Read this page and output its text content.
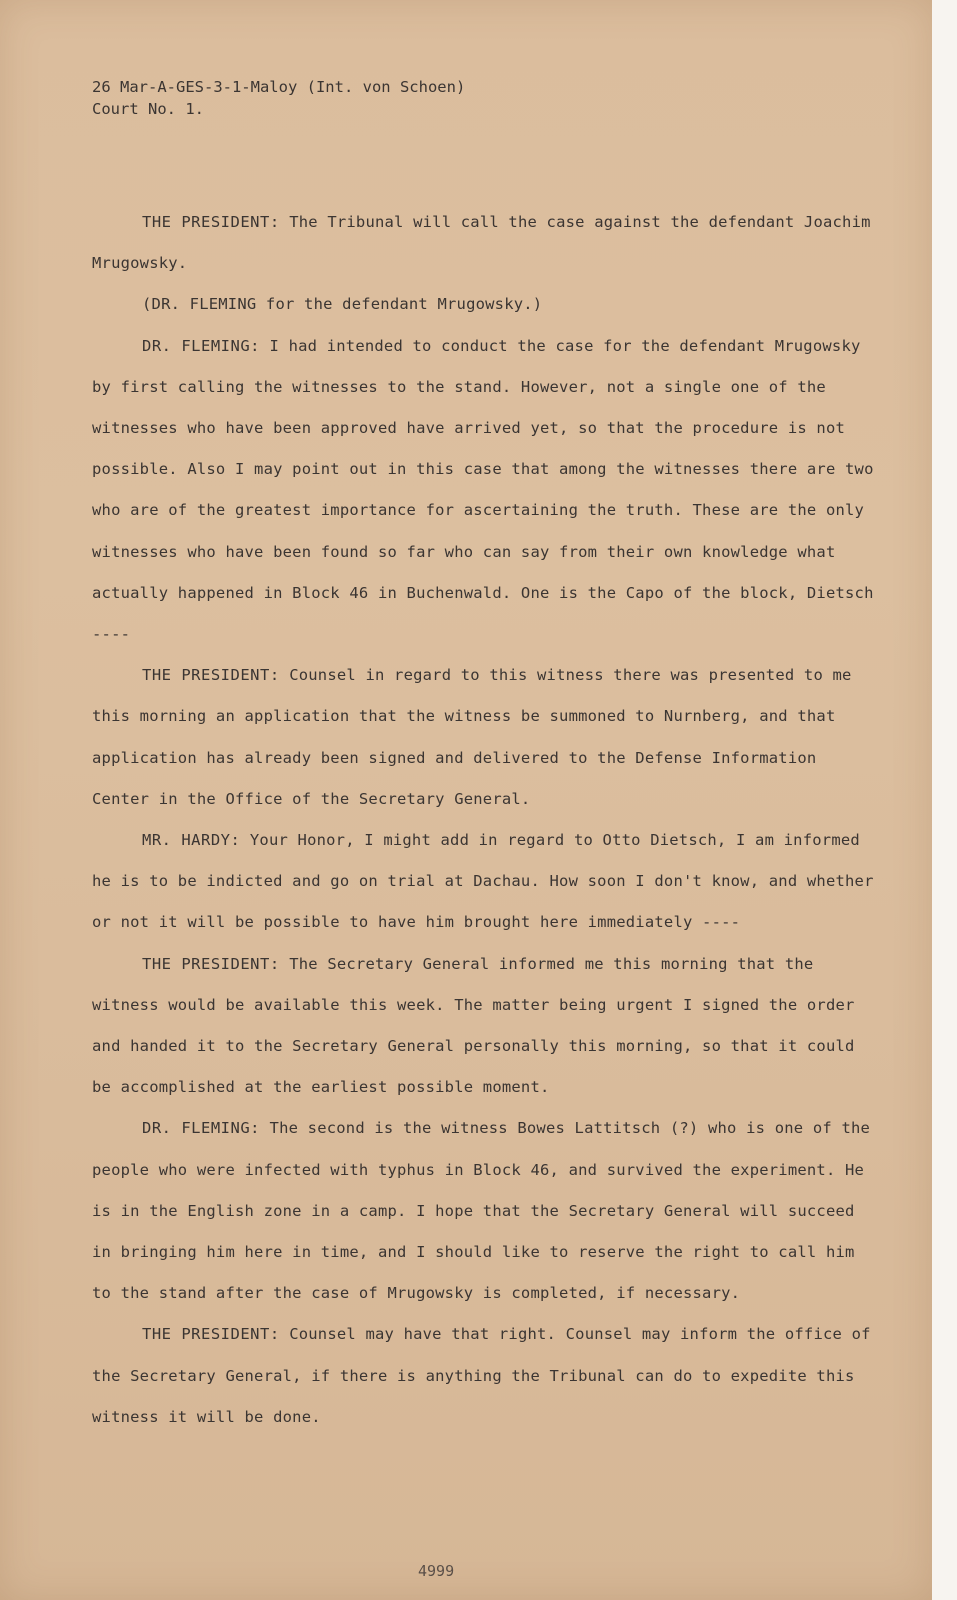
26 Mar-A-GES-3-1-Maloy (Int. von Schoen)
Court No. 1.

THE PRESIDENT: The Tribunal will call the case against the defendant Joachim Mrugowsky.

(DR. FLEMING for the defendant Mrugowsky.)

DR. FLEMING: I had intended to conduct the case for the defendant Mrugowsky by first calling the witnesses to the stand. However, not a single one of the witnesses who have been approved have arrived yet, so that the procedure is not possible. Also I may point out in this case that among the witnesses there are two who are of the greatest importance for ascertaining the truth. These are the only witnesses who have been found so far who can say from their own knowledge what actually happened in Block 46 in Buchenwald. One is the Capo of the block, Dietsch ----

THE PRESIDENT: Counsel in regard to this witness there was presented to me this morning an application that the witness be summoned to Nurnberg, and that application has already been signed and delivered to the Defense Information Center in the Office of the Secretary General.

MR. HARDY: Your Honor, I might add in regard to Otto Dietsch, I am informed he is to be indicted and go on trial at Dachau. How soon I don't know, and whether or not it will be possible to have him brought here immediately ----

THE PRESIDENT: The Secretary General informed me this morning that the witness would be available this week. The matter being urgent I signed the order and handed it to the Secretary General personally this morning, so that it could be accomplished at the earliest possible moment.

DR. FLEMING: The second is the witness Bowes Lattitsch (?) who is one of the people who were infected with typhus in Block 46, and survived the experiment. He is in the English zone in a camp. I hope that the Secretary General will succeed in bringing him here in time, and I should like to reserve the right to call him to the stand after the case of Mrugowsky is completed, if necessary.

THE PRESIDENT: Counsel may have that right. Counsel may inform the office of the Secretary General, if there is anything the Tribunal can do to expedite this witness it will be done.

4999
